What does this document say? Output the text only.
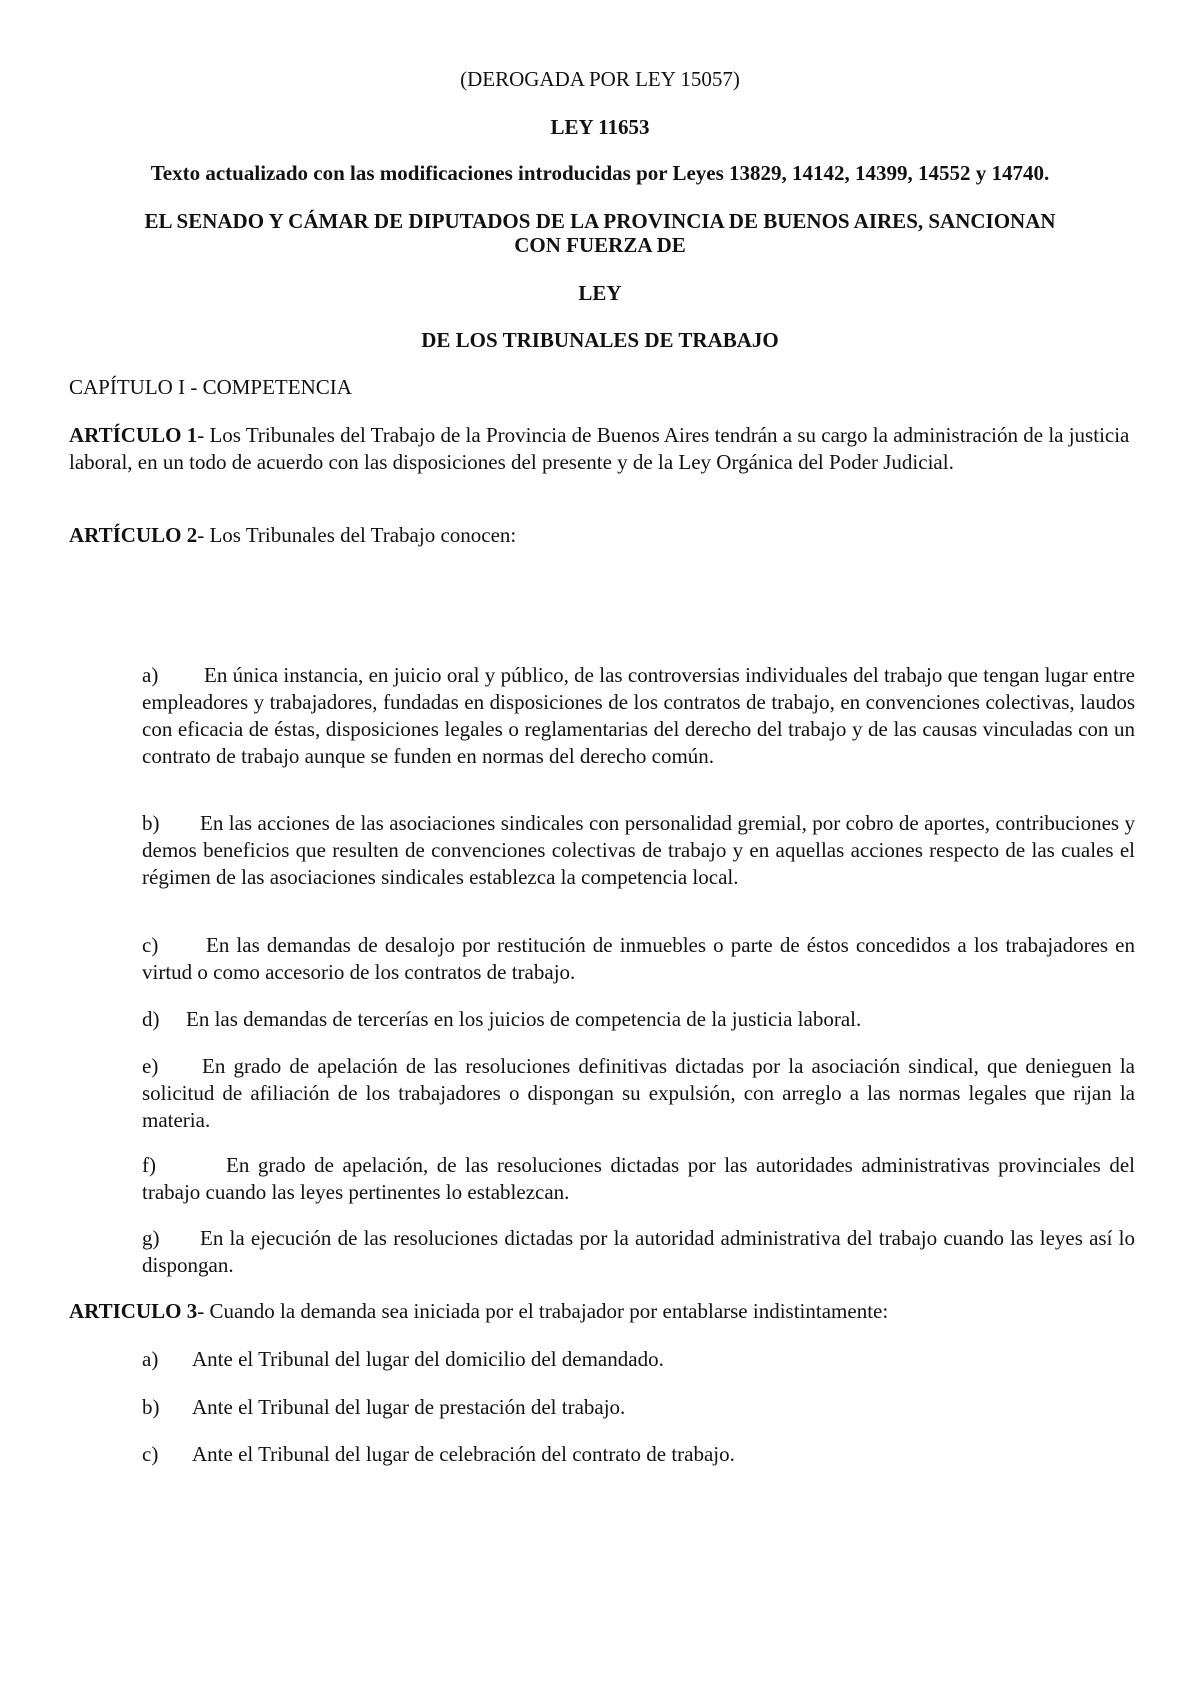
(DEROGADA POR LEY 15057)

LEY 11653

Texto actualizado con las modificaciones introducidas por Leyes 13829, 14142, 14399, 14552 y 14740.

EL SENADO Y CÁMAR DE DIPUTADOS DE LA PROVINCIA DE BUENOS AIRES, SANCIONAN

CON FUERZA DE

LEY

DE LOS TRIBUNALES DE TRABAJO

CAPÍTULO I - COMPETENCIA

ARTÍCULO 1- Los Tribunales del Trabajo de la Provincia de Buenos Aires tendrán a su cargo la administración de la justicia laboral, en un todo de acuerdo con las disposiciones del presente y de la Ley Orgánica del Poder Judicial.

ARTÍCULO 2- Los Tribunales del Trabajo conocen:

a) En única instancia, en juicio oral y público, de las controversias individuales del trabajo que tengan lugar entre empleadores y trabajadores, fundadas en disposiciones de los contratos de trabajo, en convenciones colectivas, laudos con eficacia de éstas, disposiciones legales o reglamentarias del derecho del trabajo y de las causas vinculadas con un contrato de trabajo aunque se funden en normas del derecho común.

b) En las acciones de las asociaciones sindicales con personalidad gremial, por cobro de aportes, contribuciones y demos beneficios que resulten de convenciones colectivas de trabajo y en aquellas acciones respecto de las cuales el régimen de las asociaciones sindicales establezca la competencia local.

c) En las demandas de desalojo por restitución de inmuebles o parte de éstos concedidos a los trabajadores en virtud o como accesorio de los contratos de trabajo.

d) En las demandas de tercerías en los juicios de competencia de la justicia laboral.

e) En grado de apelación de las resoluciones definitivas dictadas por la asociación sindical, que denieguen la solicitud de afiliación de los trabajadores o dispongan su expulsión, con arreglo a las normas legales que rijan la materia.

f)	En grado de apelación, de las resoluciones dictadas por las autoridades administrativas provinciales del trabajo cuando las leyes pertinentes lo establezcan.

g) En la ejecución de las resoluciones dictadas por la autoridad administrativa del trabajo cuando las leyes así lo dispongan.

ARTICULO 3- Cuando la demanda sea iniciada por el trabajador por entablarse indistintamente:

a) Ante el Tribunal del lugar del domicilio del demandado.

b) Ante el Tribunal del lugar de prestación del trabajo.

c) Ante el Tribunal del lugar de celebración del contrato de trabajo.
